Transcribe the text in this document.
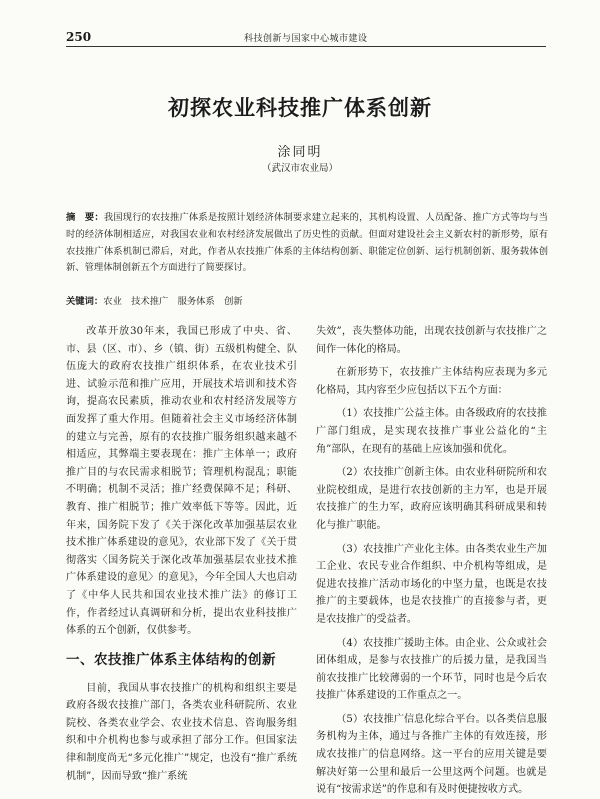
250	科技创新与国家中心城市建设
初探农业科技推广体系创新
涂同明
（武汉市农业局）
摘　要：我国现行的农技推广体系是按照计划经济体制要求建立起来的，其机构设置、人员配备、推广方式等均与当时的经济体制相适应，对我国农业和农村经济发展做出了历史性的贡献。但面对建设社会主义新农村的新形势，原有农技推广体系机制已滞后，对此，作者从农技推广体系的主体结构创新、职能定位创新、运行机制创新、服务载体创新、管理体制创新五个方面进行了简要探讨。
关键词：农业　技术推广　服务体系　创新

改革开放30年来，我国已形成了中央、省、市、县（区、市）、乡（镇、街）五级机构健全、队伍庞大的政府农技推广组织体系，在农业技术引进、试验示范和推广应用，开展技术培训和技术咨询，提高农民素质，推动农业和农村经济发展等方面发挥了重大作用。但随着社会主义市场经济体制的建立与完善，原有的农技推广服务组织越来越不相适应，其弊端主要表现在：推广主体单一；政府推广目的与农民需求相脱节；管理机构混乱；职能不明确；机制不灵活；推广经费保障不足；科研、教育、推广相脱节；推广效率低下等等。因此，近年来，国务院下发了《关于深化改革加强基层农业技术推广体系建设的意见》，农业部下发了《关于贯彻落实〈国务院关于深化改革加强基层农业技术推广体系建设的意见〉的意见》，今年全国人大也启动了《中华人民共和国农业技术推广法》的修订工作，作者经过认真调研和分析，提出农业科技推广体系的五个创新，仅供参考。

一、农技推广体系主体结构的创新

目前，我国从事农技推广的机构和组织主要是政府各级农技推广部门，各类农业科研院所、农业院校、各类农业学会、农业技术信息、咨询服务组织和中介机构也参与或承担了部分工作。但国家法律和制度尚无“多元化推广”规定，也没有“推广系统机制”，因而导致“推广系统

失效”，丧失整体功能，出现农技创新与农技推广之间作一体化的格局。

在新形势下，农技推广主体结构应表现为多元化格局，其内容至少应包括以下五个方面：

（1）农技推广公益主体。由各级政府的农技推广部门组成，是实现农技推广事业公益化的“主角”部队，在现有的基础上应该加强和优化。

（2）农技推广创新主体。由农业科研院所和农业院校组成，是进行农技创新的主力军，也是开展农技推广的生力军，政府应该明确其科研成果和转化与推广职能。

（3）农技推广产业化主体。由各类农业生产加工企业、农民专业合作组织、中介机构等组成，是促进农技推广活动市场化的中坚力量，也既是农技推广的主要载体，也是农技推广的直接参与者，更是农技推广的受益者。

（4）农技推广援助主体。由企业、公众或社会团体组成，是参与农技推广的后援力量，是我国当前农技推广比较薄弱的一个环节，同时也是今后农技推广体系建设的工作重点之一。

（5）农技推广信息化综合平台。以各类信息服务机构为主体，通过与各推广主体的有效连接，形成农技推广的信息网络。这一平台的应用关键是要解决好第一公里和最后一公里这两个问题。也就是说有“按需求送”的作息和有及时便捷按收方式。
